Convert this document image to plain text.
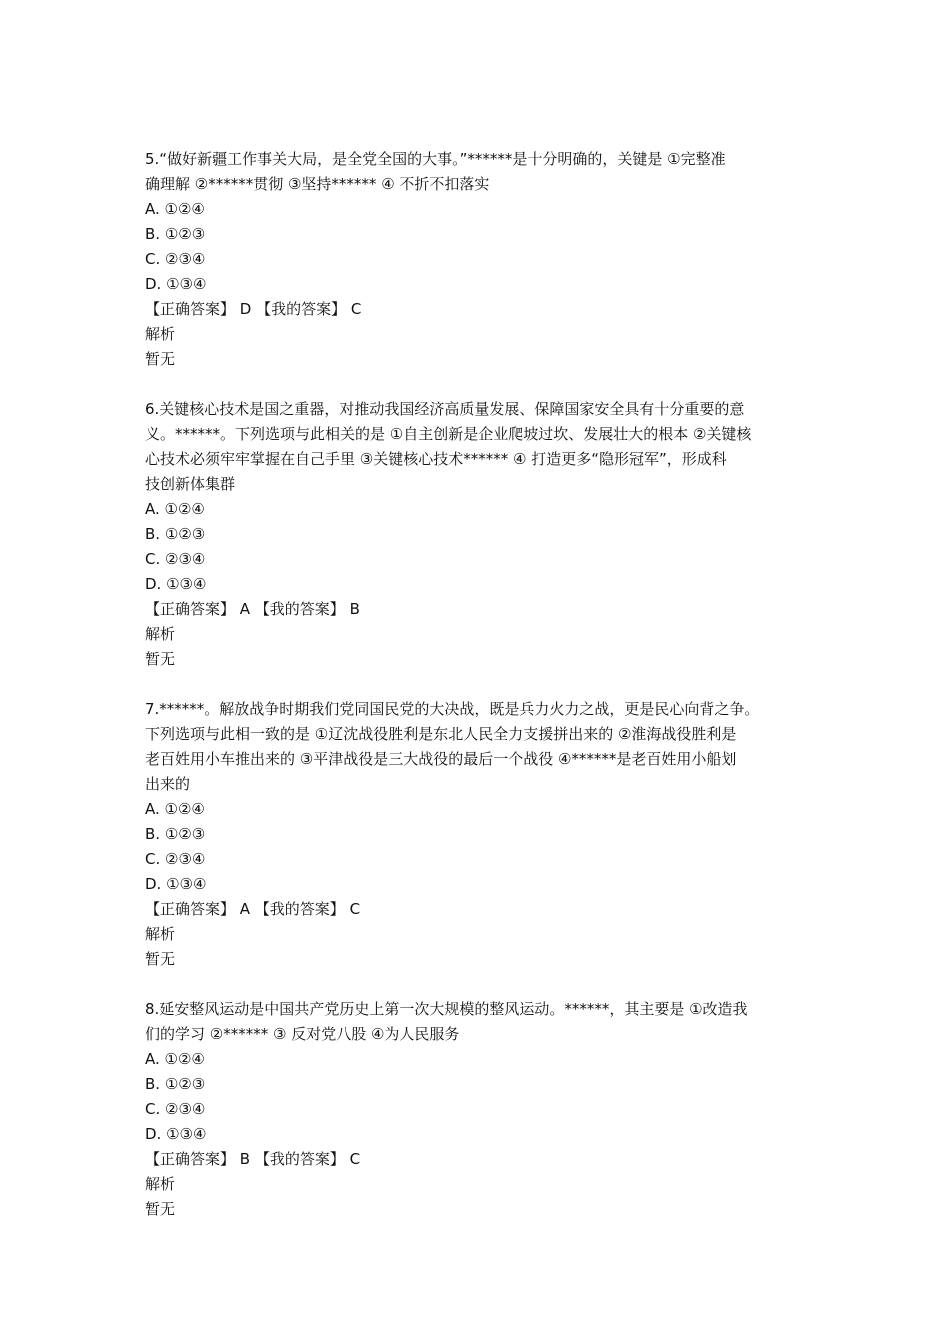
5.“做好新疆工作事关大局，是全党全国的大事。”******是十分明确的，关键是 ①完整准
确理解 ②******贯彻 ③坚持****** ④ 不折不扣落实
A. ①②④
B. ①②③
C. ②③④
D. ①③④
【正确答案】 D 【我的答案】 C
解析
暂无
6.关键核心技术是国之重器，对推动我国经济高质量发展、保障国家安全具有十分重要的意
义。******。下列选项与此相关的是 ①自主创新是企业爬坡过坎、发展壮大的根本 ②关键核
心技术必须牢牢掌握在自己手里 ③关键核心技术****** ④ 打造更多“隐形冠军”，形成科
技创新体集群
A. ①②④
B. ①②③
C. ②③④
D. ①③④
【正确答案】 A 【我的答案】 B
解析
暂无
7.******。解放战争时期我们党同国民党的大决战，既是兵力火力之战，更是民心向背之争。
下列选项与此相一致的是 ①辽沈战役胜利是东北人民全力支援拼出来的 ②淮海战役胜利是
老百姓用小车推出来的 ③平津战役是三大战役的最后一个战役 ④******是老百姓用小船划
出来的
A. ①②④
B. ①②③
C. ②③④
D. ①③④
【正确答案】 A 【我的答案】 C
解析
暂无
8.延安整风运动是中国共产党历史上第一次大规模的整风运动。******，其主要是 ①改造我
们的学习 ②****** ③ 反对党八股 ④为人民服务
A. ①②④
B. ①②③
C. ②③④
D. ①③④
【正确答案】 B 【我的答案】 C
解析
暂无
